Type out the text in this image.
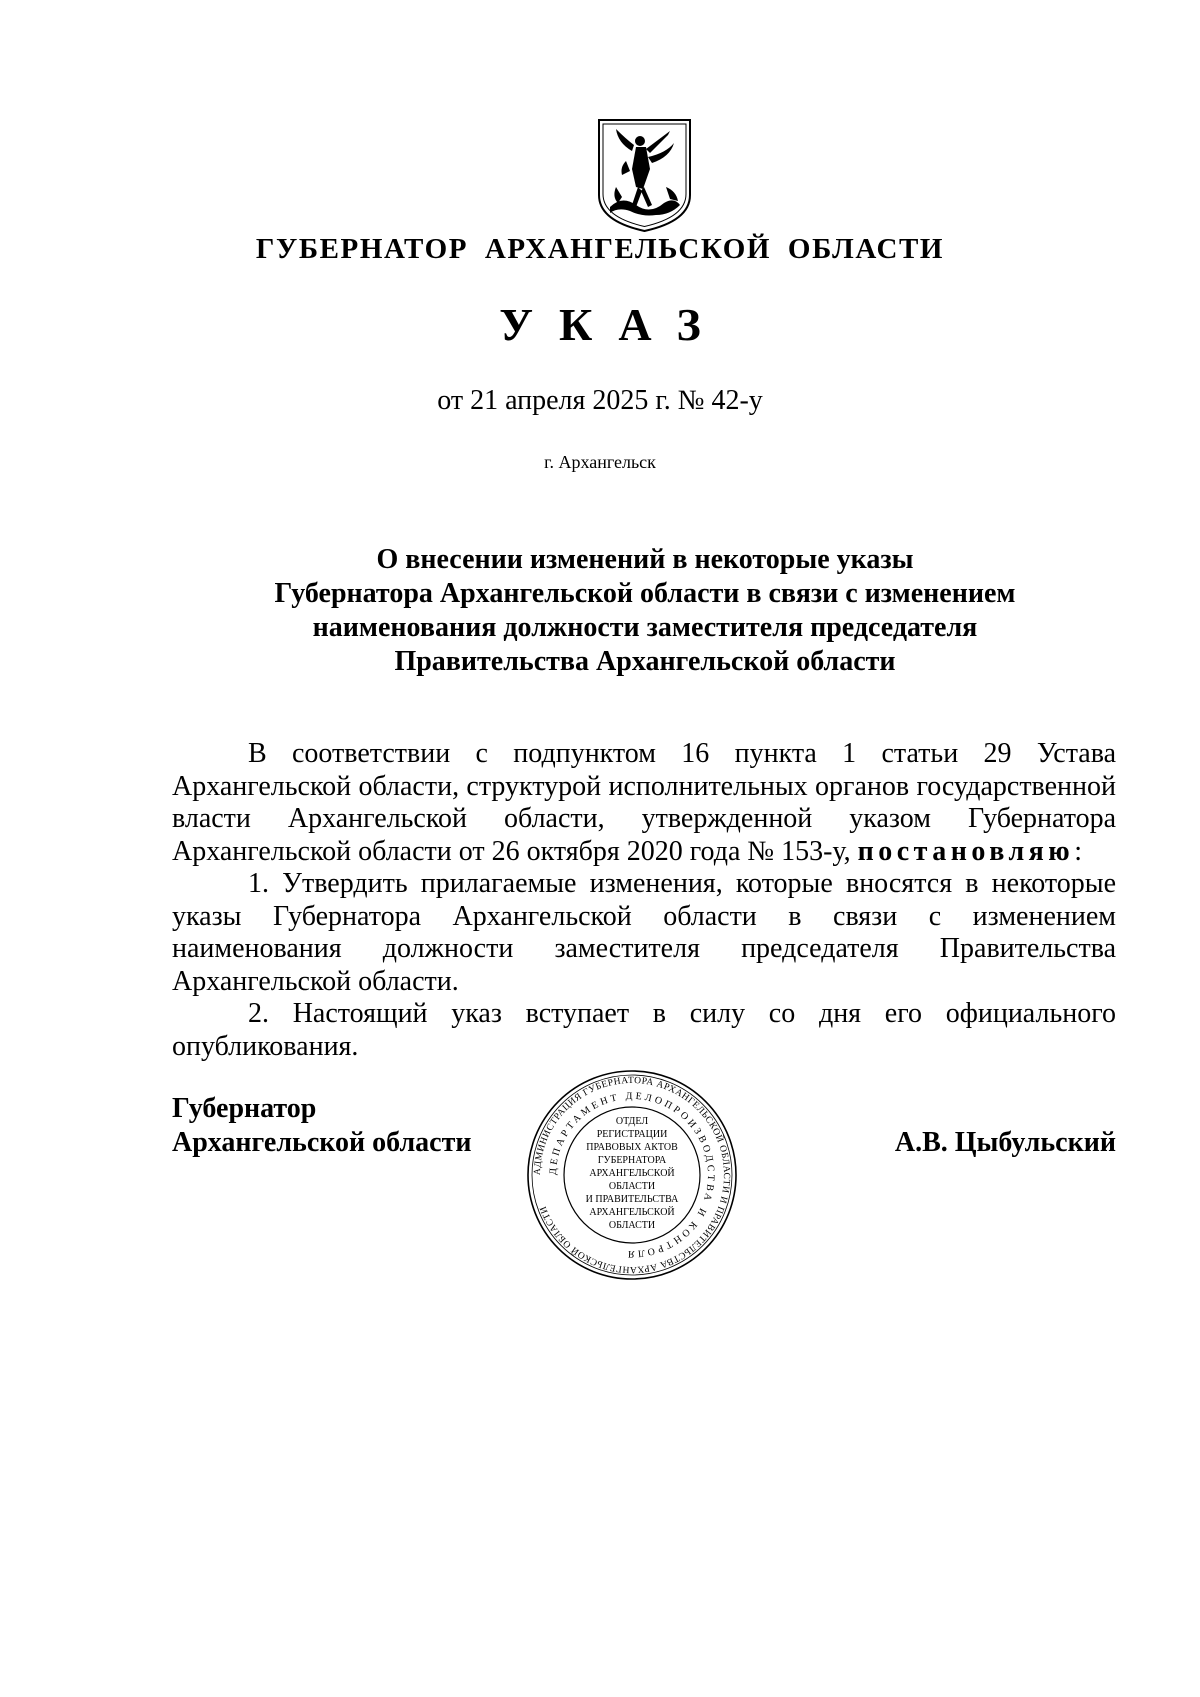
ГУБЕРНАТОР АРХАНГЕЛЬСКОЙ ОБЛАСТИ
УКАЗ
от 21 апреля 2025 г. № 42-у
г. Архангельск
О внесении изменений в некоторые указы
Губернатора Архангельской области в связи с изменением
наименования должности заместителя председателя
Правительства Архангельской области

В соответствии с подпунктом 16 пункта 1 статьи 29 Устава Архангельской области, структурой исполнительных органов государственной власти Архангельской области, утвержденной указом Губернатора Архангельской области от 26 октября 2020 года № 153-у, постановляю:

1. Утвердить прилагаемые изменения, которые вносятся в некоторые указы Губернатора Архангельской области в связи с изменением наименования должности заместителя председателя Правительства Архангельской области.

2. Настоящий указ вступает в силу со дня его официального опубликования.

Губернатор
Архангельской области	А.В. Цыбульский
АДМИНИСТРАЦИЯ ГУБЕРНАТОРА АРХАНГЕЛЬСКОЙ ОБЛАСТИ И ПРАВИТЕЛЬСТВА АРХАНГЕЛЬСКОЙ ОБЛАСТИ
ДЕПАРТАМЕНТ ДЕЛОПРОИЗВОДСТВА И КОНТРОЛЯ
ОТДЕЛ
РЕГИСТРАЦИИ
ПРАВОВЫХ АКТОВ
ГУБЕРНАТОРА
АРХАНГЕЛЬСКОЙ
ОБЛАСТИ
И ПРАВИТЕЛЬСТВА
АРХАНГЕЛЬСКОЙ
ОБЛАСТИ
